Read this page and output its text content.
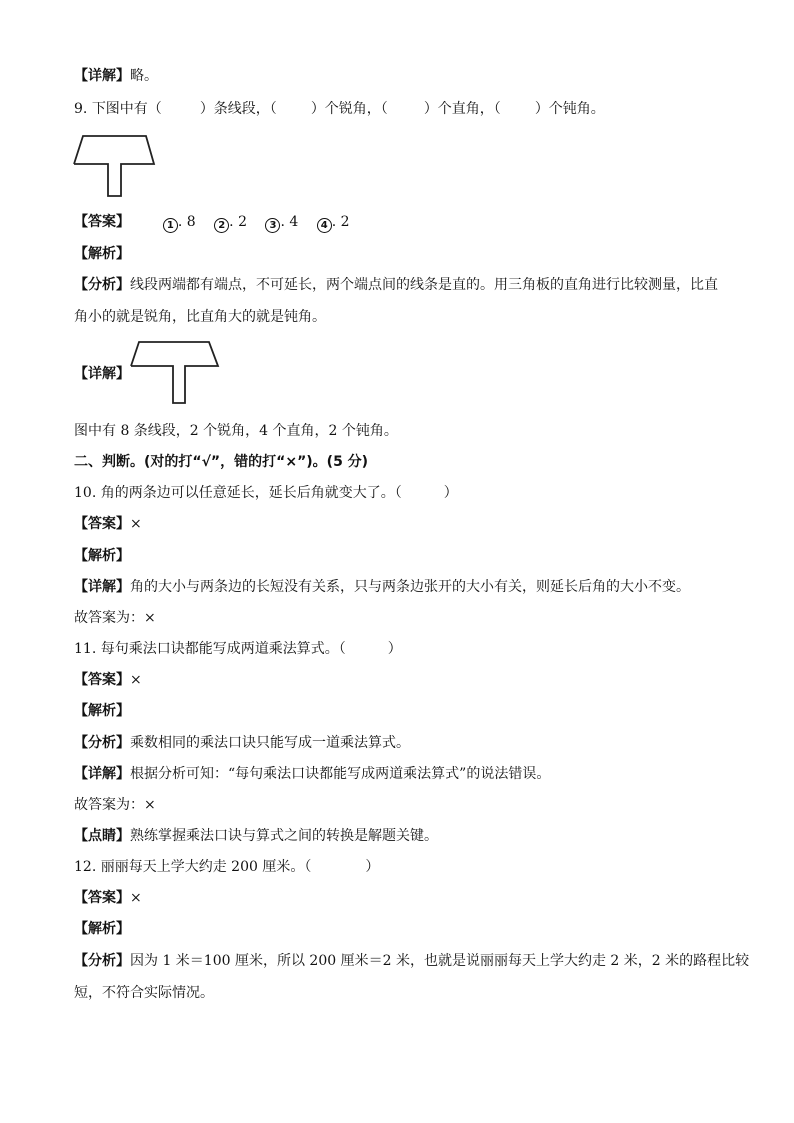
【详解】略。
9. 下图中有（	）条线段，（ ）个锐角，（	）个直角，（ ）个钝角。
【答案】	1 . 8 2 . 2 3 . 4 4 . 2
【解析】
【分析】线段两端都有端点，不可延长，两个端点间的线条是直的。用三角板的直角进行比较测量，比直
角小的就是锐角，比直角大的就是钝角。
【详解】
图中有 8 条线段，2 个锐角，4 个直角，2 个钝角。
二、判断。(对的打“√”，错的打“×”)。(5 分)
10. 角的两条边可以任意延长，延长后角就变大了。（	）
【答案】×
【解析】
【详解】角的大小与两条边的长短没有关系，只与两条边张开的大小有关，则延长后角的大小不变。
故答案为：×
11. 每句乘法口诀都能写成两道乘法算式。（	）
【答案】×
【解析】
【分析】乘数相同的乘法口诀只能写成一道乘法算式。
【详解】根据分析可知：“每句乘法口诀都能写成两道乘法算式”的说法错误。
故答案为：×
【点睛】熟练掌握乘法口诀与算式之间的转换是解题关键。
12. 丽丽每天上学大约走 200 厘米。（	）
【答案】×
【解析】
【分析】因为 1 米＝100 厘米，所以 200 厘米＝2 米，也就是说丽丽每天上学大约走 2 米，2 米的路程比较
短，不符合实际情况。
